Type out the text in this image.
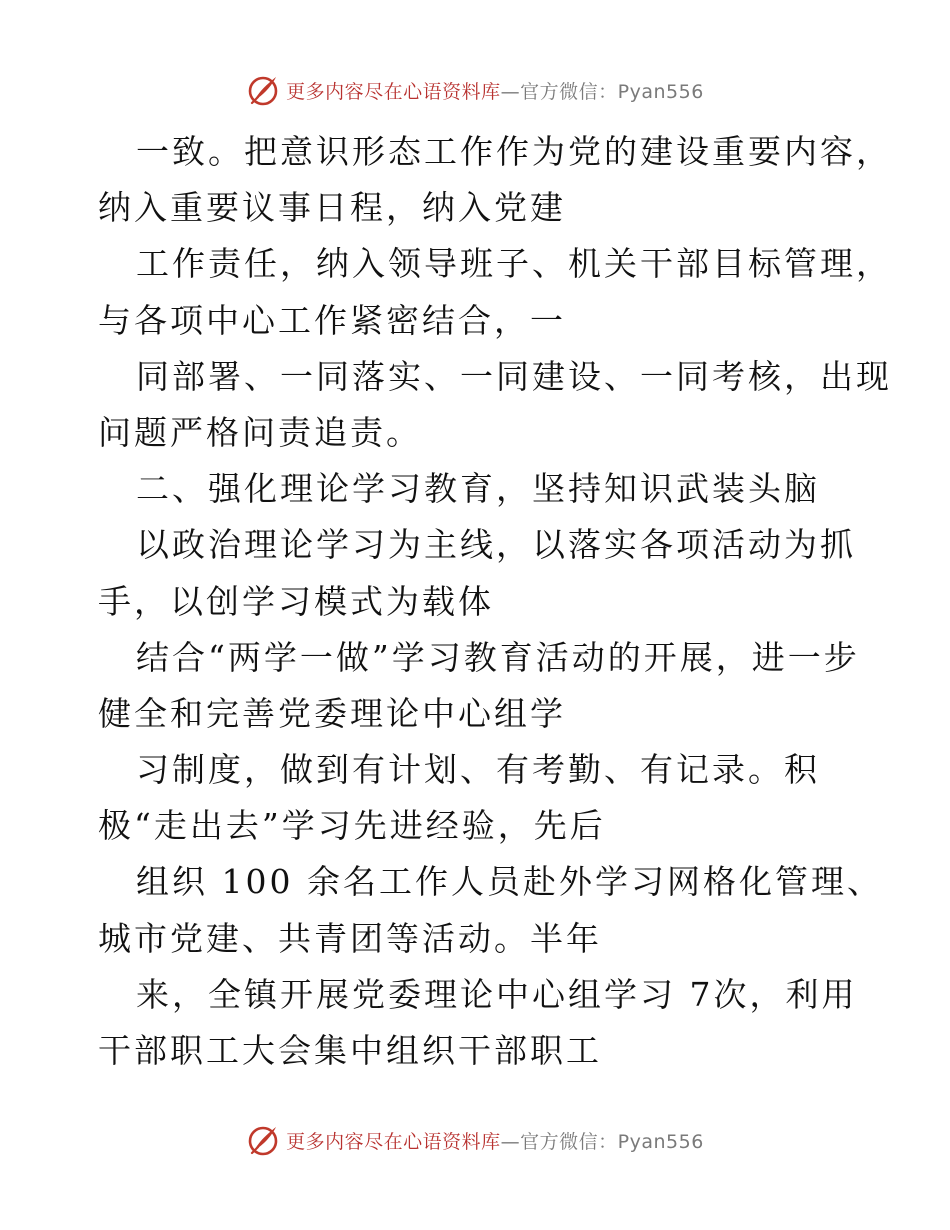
更多内容尽在心语资料库—官方微信：Pyan556
一致。把意识形态工作作为党的建设重要内容，
纳入重要议事日程，纳入党建
工作责任，纳入领导班子、机关干部目标管理，
与各项中心工作紧密结合，一
同部署、一同落实、一同建设、一同考核，出现
问题严格问责追责。
二、强化理论学习教育，坚持知识武装头脑
以政治理论学习为主线，以落实各项活动为抓
手，以创学习模式为载体
结合“两学一做”学习教育活动的开展，进一步
健全和完善党委理论中心组学
习制度，做到有计划、有考勤、有记录。积
极“走出去”学习先进经验，先后
组织 100 余名工作人员赴外学习网格化管理、
城市党建、共青团等活动。半年
来，全镇开展党委理论中心组学习 7次，利用
干部职工大会集中组织干部职工
更多内容尽在心语资料库—官方微信：Pyan556
